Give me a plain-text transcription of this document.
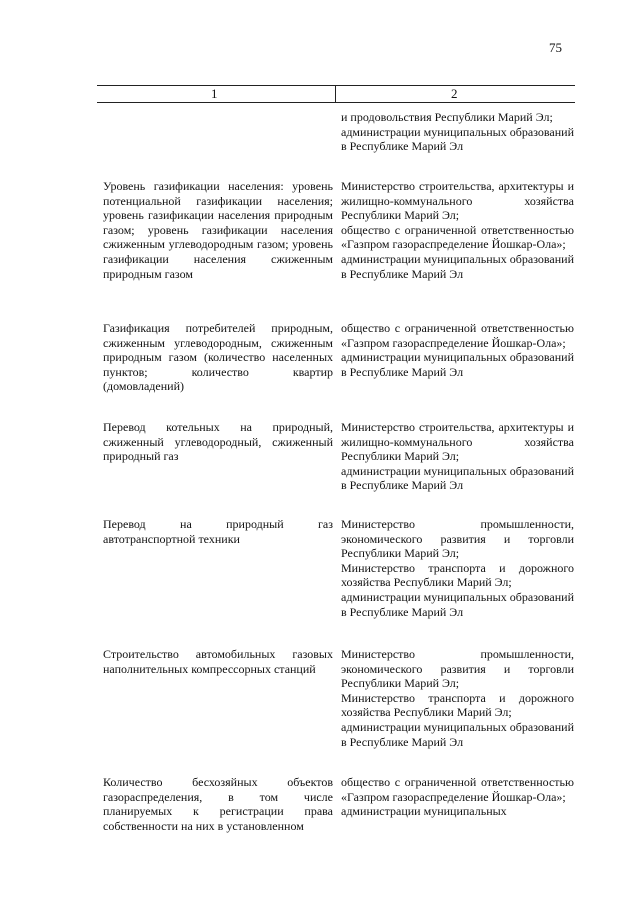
75
1	2

и продовольствия Республики Марий Эл;

администрации муниципальных образований в Республике Марий Эл

Уровень газификации населения: уровень потенциальной газификации населения; уровень газификации населения природным газом; уровень газификации населения сжиженным углеводородным газом; уровень газификации населения сжиженным природным газом

Министерство строительства, архитектуры и жилищно-коммунального хозяйства Республики Марий Эл;

общество с ограниченной ответственностью «Газпром газораспределение Йошкар-Ола»;

администрации муниципальных образований в Республике Марий Эл

Газификация потребителей природным, сжиженным углеводородным, сжиженным природным газом (количество населенных пунктов; количество квартир (домовладений)

общество с ограниченной ответственностью «Газпром газораспределение Йошкар-Ола»;

администрации муниципальных образований в Республике Марий Эл

Перевод котельных на природный, сжиженный углеводородный, сжиженный природный газ

Министерство строительства, архитектуры и жилищно-коммунального хозяйства Республики Марий Эл;

администрации муниципальных образований в Республике Марий Эл

Перевод на природный газ автотранспортной техники

Министерство промышленности, экономического развития и торговли Республики Марий Эл;

Министерство транспорта и дорожного хозяйства Республики Марий Эл;

администрации муниципальных образований в Республике Марий Эл

Строительство автомобильных газовых наполнительных компрессорных станций

Министерство промышленности, экономического развития и торговли Республики Марий Эл;

Министерство транспорта и дорожного хозяйства Республики Марий Эл;

администрации муниципальных образований в Республике Марий Эл

Количество бесхозяйных объектов газораспределения, в том числе планируемых к регистрации права собственности на них в установленном

общество с ограниченной ответственностью «Газпром газораспределение Йошкар-Ола»;

администрации муниципальных
